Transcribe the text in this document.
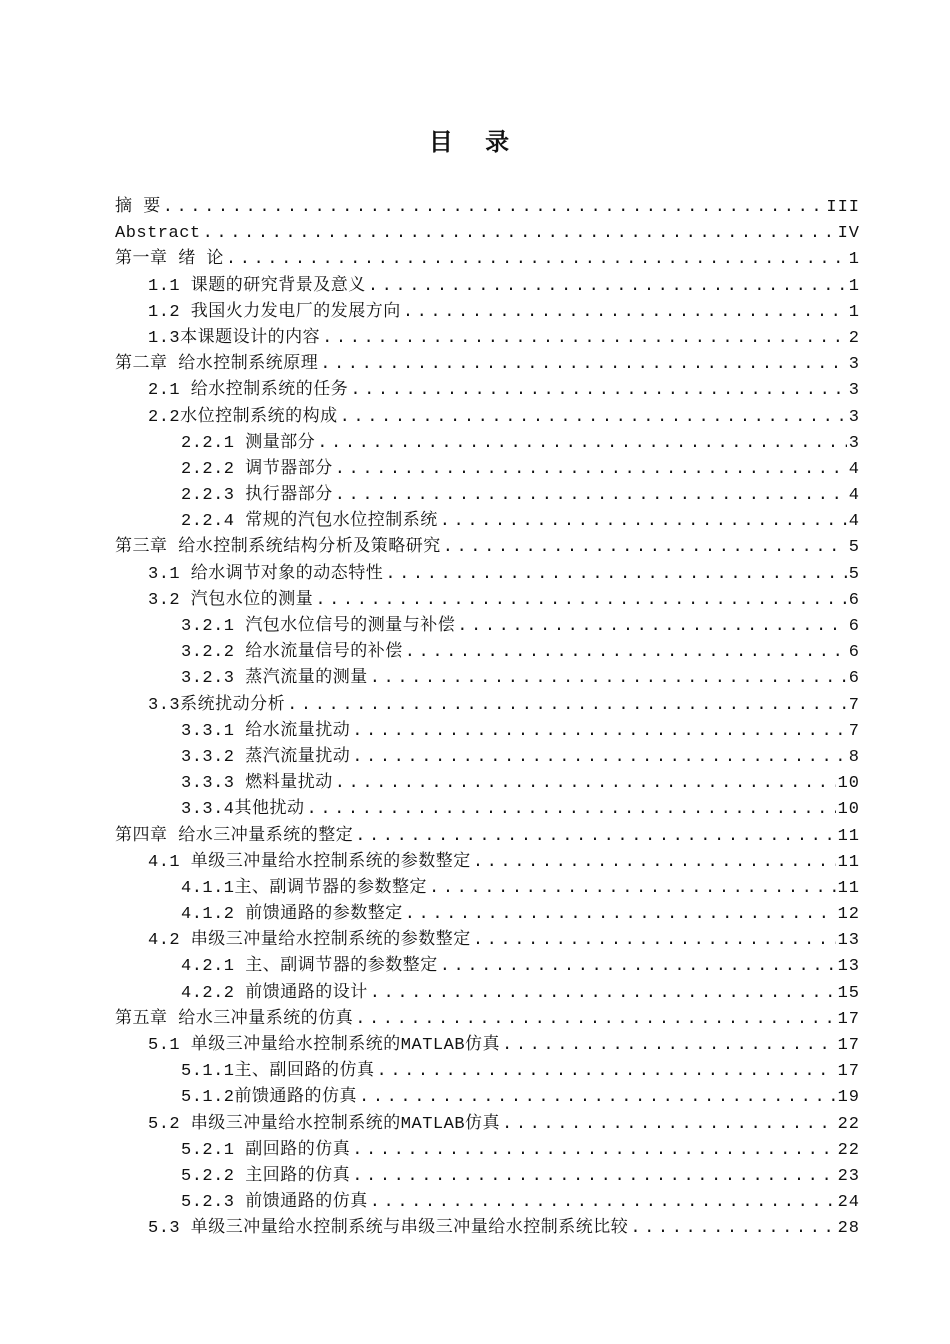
目 录
摘 要 .....	III
Abstract .....	IV
第一章 绪 论 .....	1
1.1 课题的研究背景及意义 .....	1
1.2 我国火力发电厂的发展方向 .....	1
1.3本课题设计的内容 .....	2
第二章 给水控制系统原理 .....	3
2.1 给水控制系统的任务 .....	3
2.2水位控制系统的构成 .....	3
2.2.1 测量部分 .....	3
2.2.2 调节器部分 .....	4
2.2.3 执行器部分 .....	4
2.2.4 常规的汽包水位控制系统 .....	4
第三章 给水控制系统结构分析及策略研究 .....	5
3.1 给水调节对象的动态特性 .....	5
3.2 汽包水位的测量 .....	6
3.2.1 汽包水位信号的测量与补偿 .....	6
3.2.2 给水流量信号的补偿 .....	6
3.2.3 蒸汽流量的测量 .....	6
3.3系统扰动分析 .....	7
3.3.1 给水流量扰动 .....	7
3.3.2 蒸汽流量扰动 .....	8
3.3.3 燃料量扰动 .....	10
3.3.4其他扰动 .....	10
第四章 给水三冲量系统的整定 .....	11
4.1 单级三冲量给水控制系统的参数整定 .....	11
4.1.1主、副调节器的参数整定 .....	11
4.1.2 前馈通路的参数整定 .....	12
4.2 串级三冲量给水控制系统的参数整定 .....	13
4.2.1 主、副调节器的参数整定 .....	13
4.2.2 前馈通路的设计 .....	15
第五章 给水三冲量系统的仿真 .....	17
5.1 单级三冲量给水控制系统的MATLAB仿真 .....	17
5.1.1主、副回路的仿真 .....	17
5.1.2前馈通路的仿真 .....	19
5.2 串级三冲量给水控制系统的MATLAB仿真 .....	22
5.2.1 副回路的仿真 .....	22
5.2.2 主回路的仿真 .....	23
5.2.3 前馈通路的仿真 .....	24
5.3 单级三冲量给水控制系统与串级三冲量给水控制系统比较 .....	28
